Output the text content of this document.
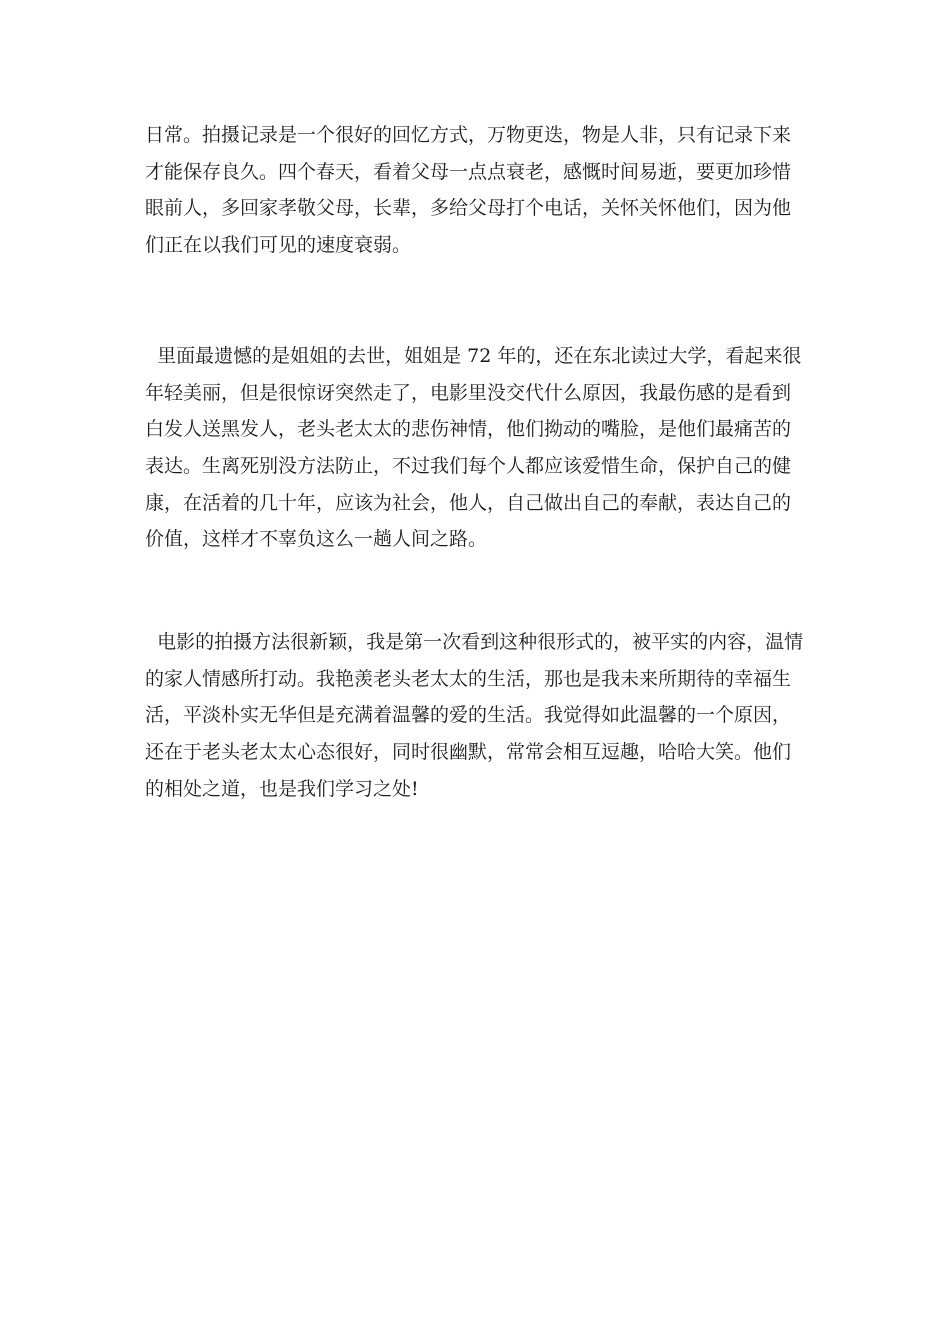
日常。拍摄记录是一个很好的回忆方式，万物更迭，物是人非，只有记录下来
才能保存良久。四个春天，看着父母一点点衰老，感慨时间易逝，要更加珍惜
眼前人，多回家孝敬父母，长辈，多给父母打个电话，关怀关怀他们，因为他
们正在以我们可见的速度衰弱。

里面最遗憾的是姐姐的去世，姐姐是 72 年的，还在东北读过大学，看起来很
年轻美丽，但是很惊讶突然走了，电影里没交代什么原因，我最伤感的是看到
白发人送黑发人，老头老太太的悲伤神情，他们拗动的嘴脸，是他们最痛苦的
表达。生离死别没方法防止，不过我们每个人都应该爱惜生命，保护自己的健
康，在活着的几十年，应该为社会，他人，自己做出自己的奉献，表达自己的
价值，这样才不辜负这么一趟人间之路。

电影的拍摄方法很新颖，我是第一次看到这种很形式的，被平实的内容，温情
的家人情感所打动。我艳羡老头老太太的生活，那也是我未来所期待的幸福生
活，平淡朴实无华但是充满着温馨的爱的生活。我觉得如此温馨的一个原因，
还在于老头老太太心态很好，同时很幽默，常常会相互逗趣，哈哈大笑。他们
的相处之道，也是我们学习之处!
